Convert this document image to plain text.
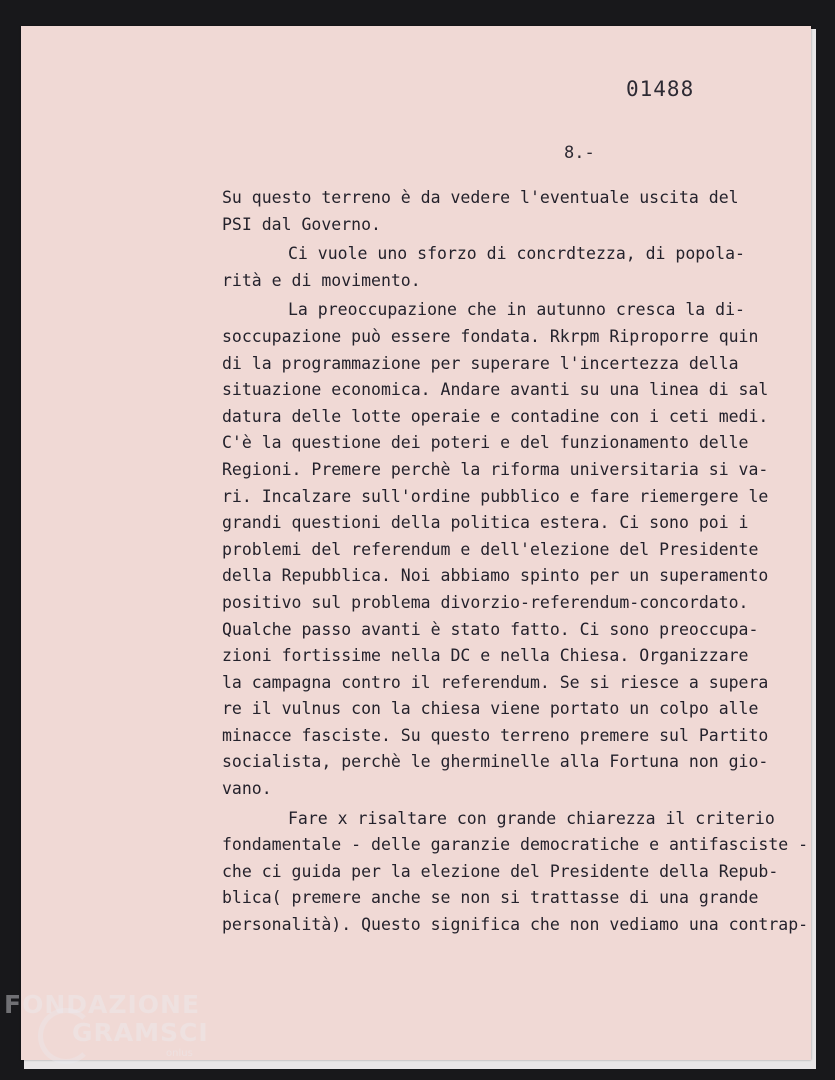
01488
8.-
Su questo terreno è da vedere l'eventuale uscita del
PSI dal Governo.
Ci vuole uno sforzo di concrdtezza, di popola-
rità e di movimento.
La preoccupazione che in autunno cresca la di-
soccupazione può essere fondata. Rkrpm Riproporre quin
di la programmazione per superare l'incertezza della
situazione economica. Andare avanti su una linea di sal
datura delle lotte operaie e contadine con i ceti medi.
C'è la questione dei poteri e del funzionamento delle
Regioni. Premere perchè la riforma universitaria si va-
ri. Incalzare sull'ordine pubblico e fare riemergere le
grandi questioni della politica estera. Ci sono poi i
problemi del referendum e dell'elezione del Presidente
della Repubblica. Noi abbiamo spinto per un superamento
positivo sul problema divorzio-referendum-concordato.
Qualche passo avanti è stato fatto. Ci sono preoccupa-
zioni fortissime nella DC e nella Chiesa. Organizzare
la campagna contro il referendum. Se si riesce a supera
re il vulnus con la chiesa viene portato un colpo alle
minacce fasciste. Su questo terreno premere sul Partito
socialista, perchè le gherminelle alla Fortuna non gio-
vano.
Fare x risaltare con grande chiarezza il criterio
fondamentale - delle garanzie democratiche e antifasciste -
che ci guida per la elezione del Presidente della Repub-
blica( premere anche se non si trattasse di una grande
personalità). Questo significa che non vediamo una contrap-
FONDAZIONE
GRAMSCI
onlus
